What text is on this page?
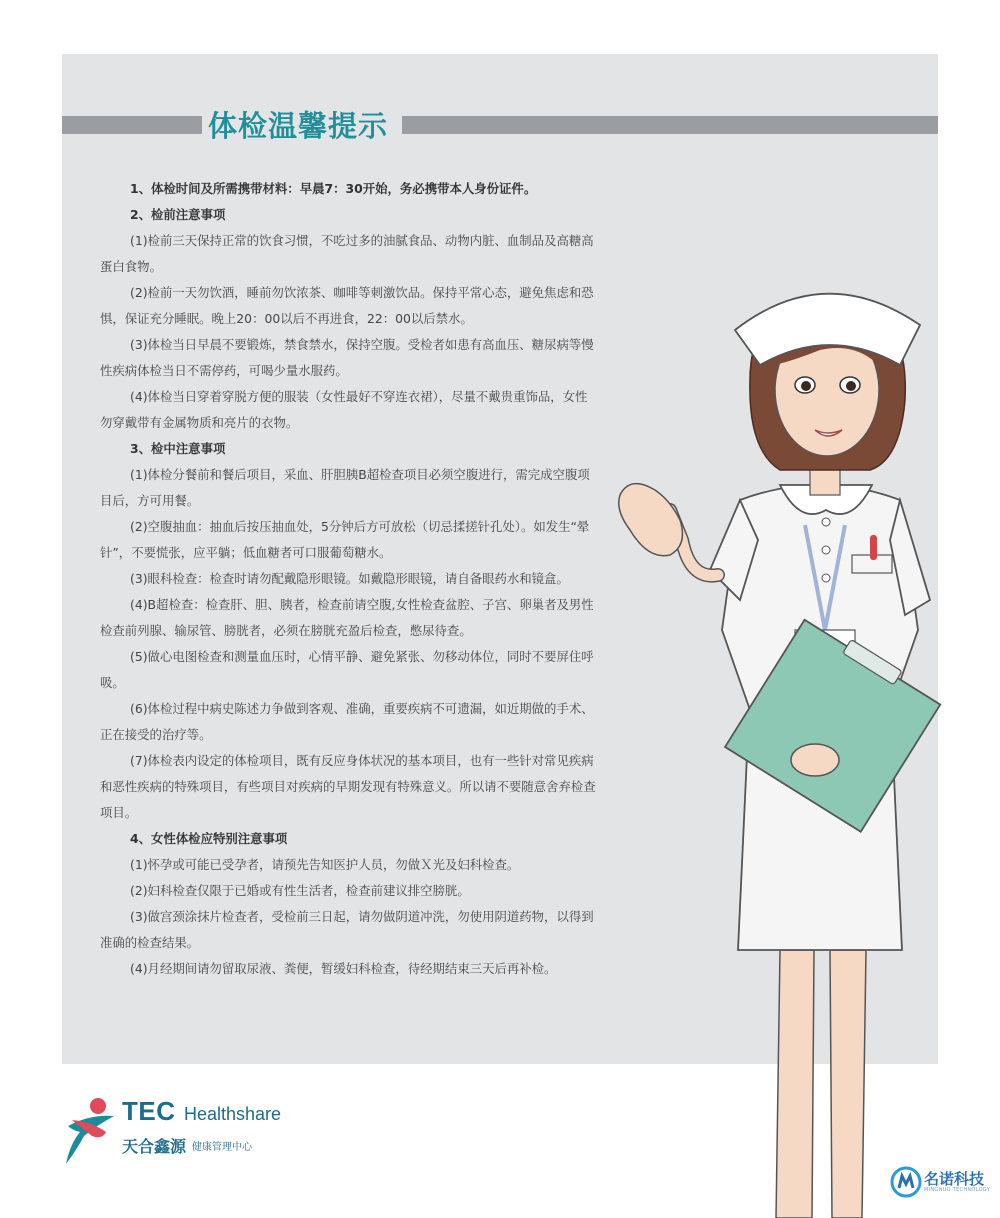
体检温馨提示

1、体检时间及所需携带材料：早晨7：30开始，务必携带本人身份证件。

2、检前注意事项

(1)检前三天保持正常的饮食习惯，不吃过多的油腻食品、动物内脏、血制品及高糖高蛋白食物。

(2)检前一天勿饮酒，睡前勿饮浓茶、咖啡等刺激饮品。保持平常心态，避免焦虑和恐惧，保证充分睡眠。晚上20：00以后不再进食，22：00以后禁水。

(3)体检当日早晨不要锻炼，禁食禁水，保持空腹。受检者如患有高血压、糖尿病等慢性疾病体检当日不需停药，可喝少量水服药。

(4)体检当日穿着穿脱方便的服装（女性最好不穿连衣裙），尽量不戴贵重饰品，女性勿穿戴带有金属物质和亮片的衣物。

3、检中注意事项

(1)体检分餐前和餐后项目，采血、肝胆胰B超检查项目必须空腹进行，需完成空腹项目后，方可用餐。

(2)空腹抽血：抽血后按压抽血处，5分钟后方可放松（切忌揉搓针孔处）。如发生“晕针”，不要慌张，应平躺；低血糖者可口服葡萄糖水。

(3)眼科检查：检查时请勿配戴隐形眼镜。如戴隐形眼镜，请自备眼药水和镜盒。

(4)B超检查：检查肝、胆、胰者，检查前请空腹,女性检查盆腔、子宫、卵巢者及男性检查前列腺、输尿管、膀胱者，必须在膀胱充盈后检查，憋尿待查。

(5)做心电图检查和测量血压时，心情平静、避免紧张、勿移动体位，同时不要屏住呼吸。

(6)体检过程中病史陈述力争做到客观、准确，重要疾病不可遗漏，如近期做的手术、正在接受的治疗等。

(7)体检表内设定的体检项目，既有反应身体状况的基本项目，也有一些针对常见疾病和恶性疾病的特殊项目，有些项目对疾病的早期发现有特殊意义。所以请不要随意舍弃检查项目。

4、女性体检应特别注意事项

(1)怀孕或可能已受孕者，请预先告知医护人员，勿做Ｘ光及妇科检查。

(2)妇科检查仅限于已婚或有性生活者，检查前建议排空膀胱。

(3)做宫颈涂抹片检查者，受检前三日起，请勿做阴道冲洗，勿使用阴道药物，以得到准确的检查结果。

(4)月经期间请勿留取尿液、粪便，暂缓妇科检查，待经期结束三天后再补检。

TEC Healthshare
天合鑫源 健康管理中心
名诺科技
MINGNUO TECHNOLOGY
